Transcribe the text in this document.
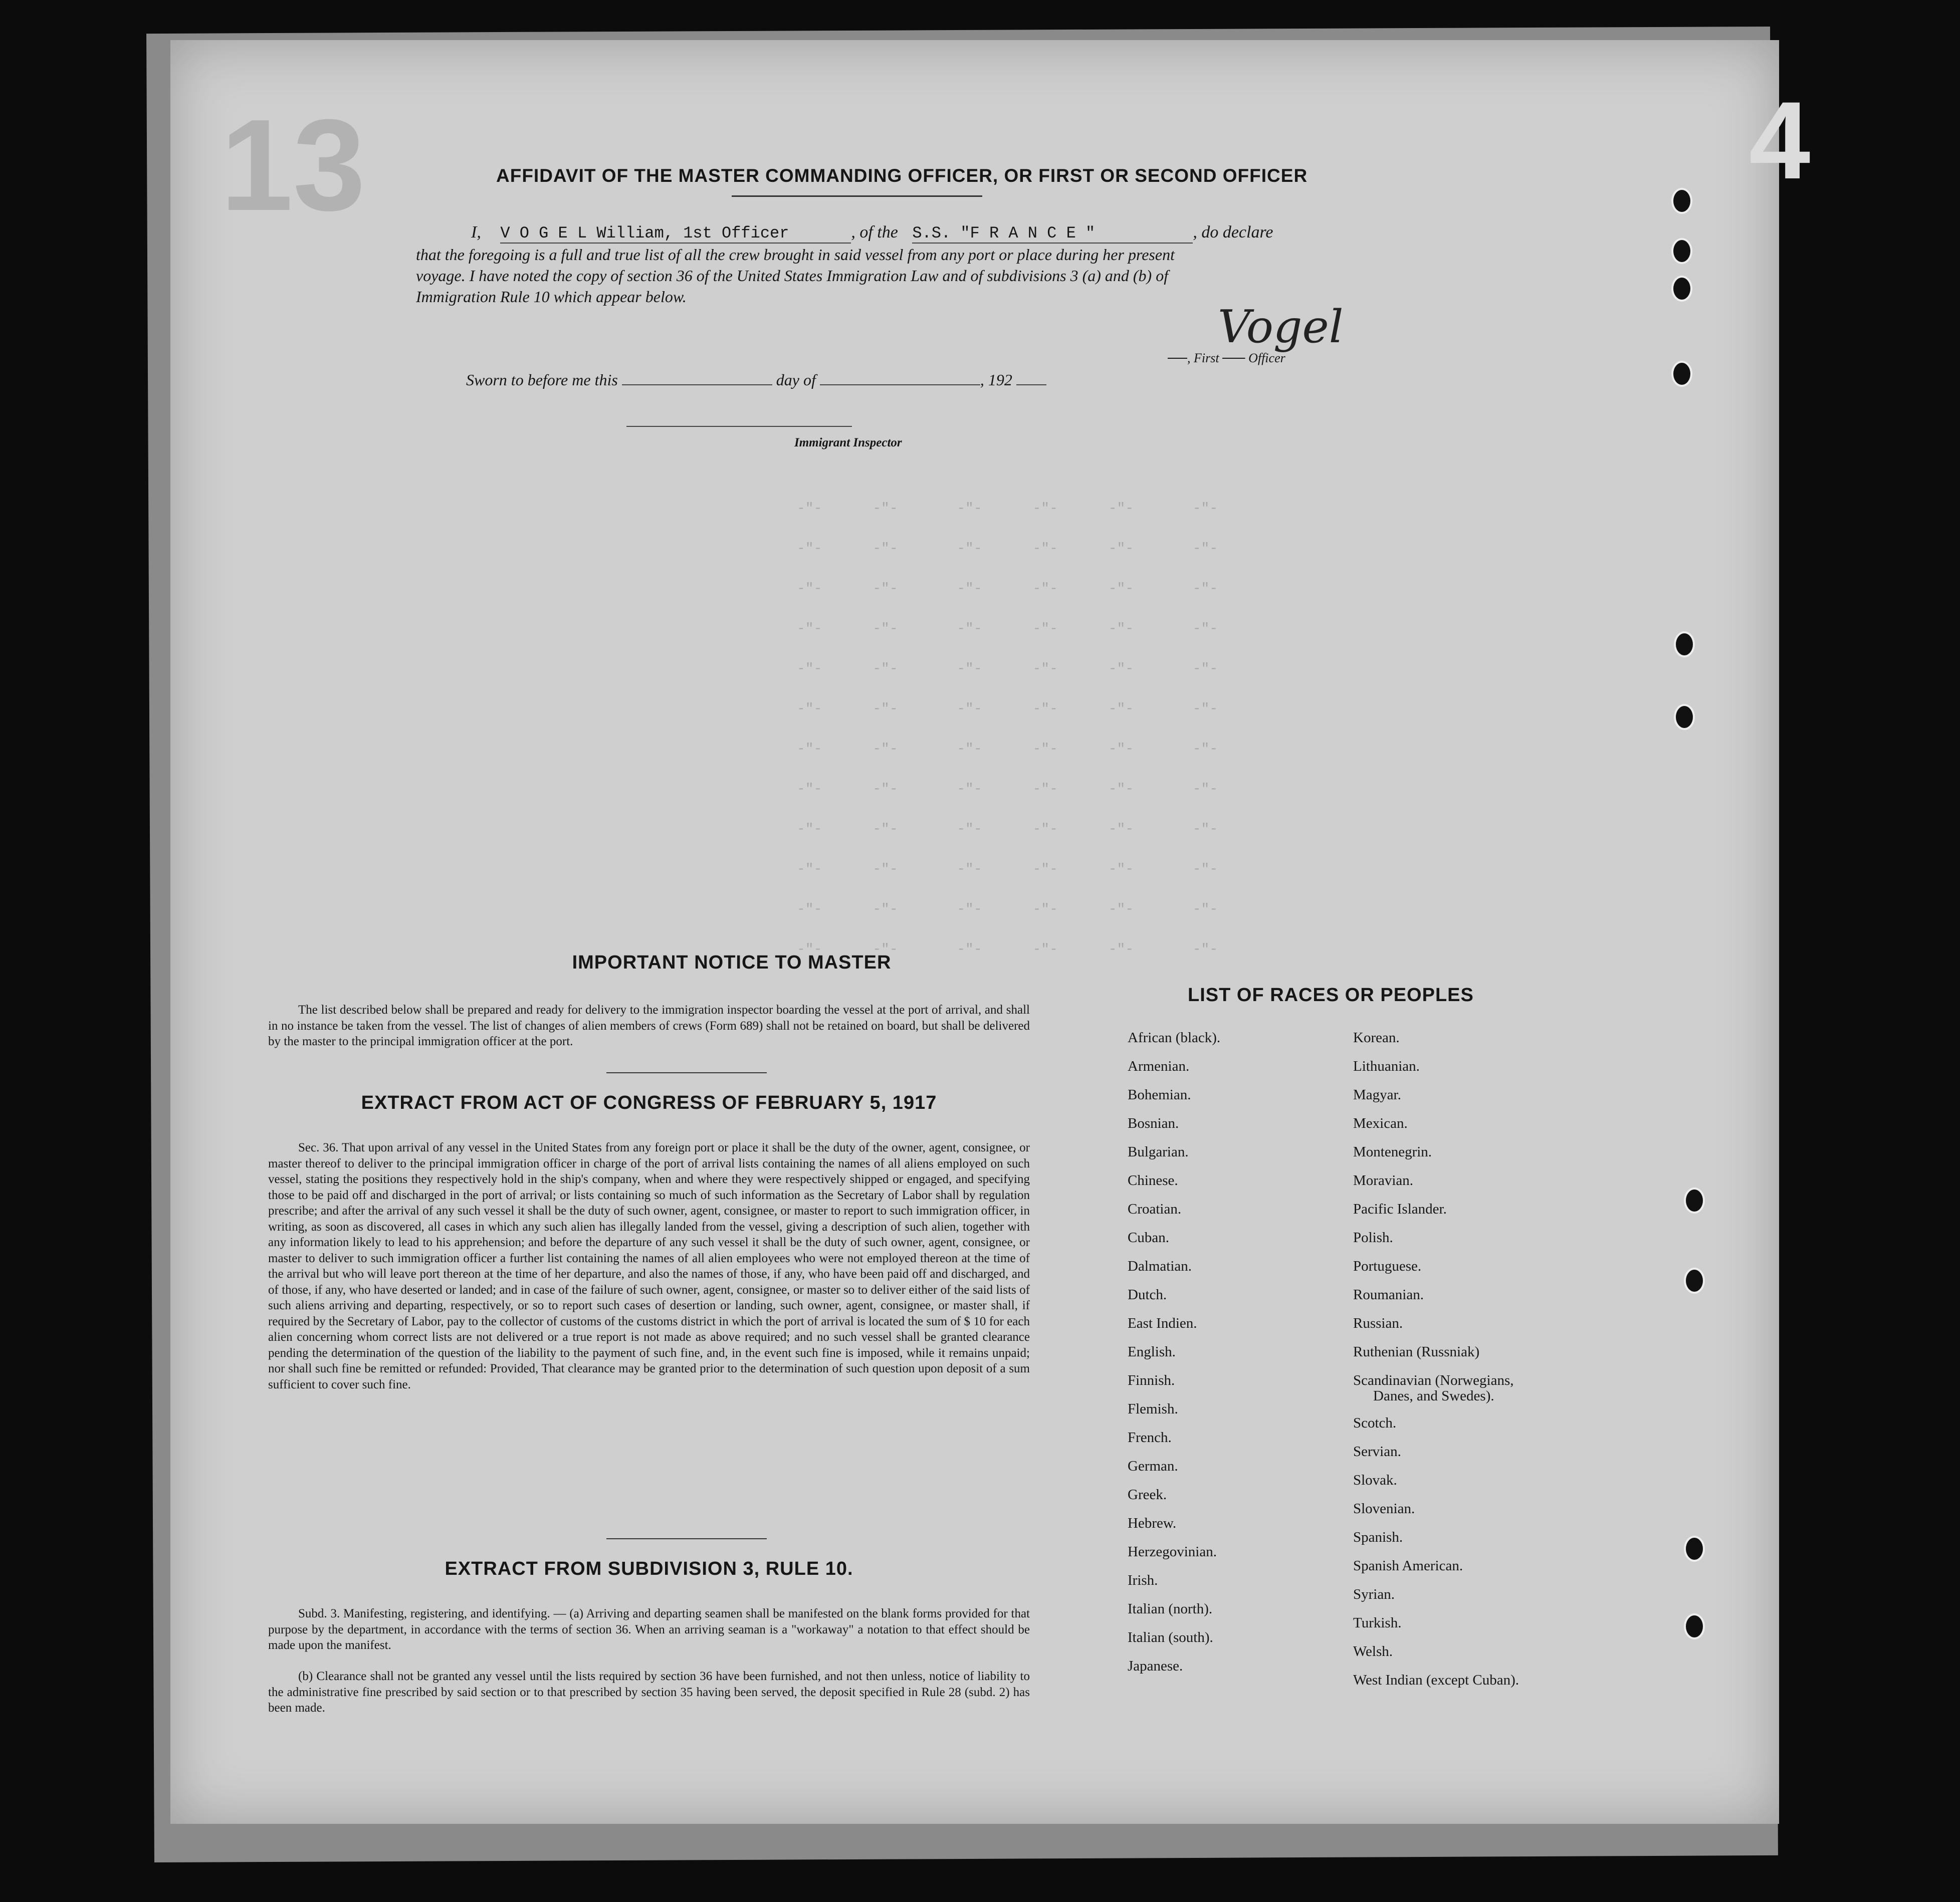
13	AFFIDAVIT OF THE MASTER COMMANDING OFFICER, OR FIRST OR SECOND OFFICER
I, V O G E L William, 1st Officer	, of the S.S. "F R A N C E "	, do declare
that the foregoing is a full and true list of all the crew brought in said vessel from any port or place during her present
voyage. I have noted the copy of section 36 of the United States Immigration Law and of subdivisions 3 (a) and (b) of
Immigration Rule 10 which appear below.
Vogel
, First Officer
Sworn to before me this	day of	, 192
Immigrant Inspector
-"-      -"-       -"-      -"-      -"-       -"-
-"-      -"-       -"-      -"-      -"-       -"-
-"-      -"-       -"-      -"-      -"-       -"-
-"-      -"-       -"-      -"-      -"-       -"-
-"-      -"-       -"-      -"-      -"-       -"-
-"-      -"-       -"-      -"-      -"-       -"-
-"-      -"-       -"-      -"-      -"-       -"-
-"-      -"-       -"-      -"-      -"-       -"-
-"-      -"-       -"-      -"-      -"-       -"-
-"-      -"-       -"-      -"-      -"-       -"-
-"-      -"-       -"-      -"-      -"-       -"-
-"-      -"-       -"-      -"-      -"-       -"-
IMPORTANT NOTICE TO MASTER
The list described below shall be prepared and ready for delivery to the immigration inspector boarding the vessel at the port of arrival, and shall in no instance be taken from the vessel. The list of changes of alien members of crews (Form 689) shall not be retained on board, but shall be delivered by the master to the principal immigration officer at the port.
EXTRACT FROM ACT OF CONGRESS OF FEBRUARY 5, 1917
Sec. 36. That upon arrival of any vessel in the United States from any foreign port or place it shall be the duty of the owner, agent, consignee, or master thereof to deliver to the principal immigration officer in charge of the port of arrival lists containing the names of all aliens employed on such vessel, stating the positions they respectively hold in the ship's company, when and where they were respectively shipped or engaged, and specifying those to be paid off and discharged in the port of arrival; or lists containing so much of such information as the Secretary of Labor shall by regulation prescribe; and after the arrival of any such vessel it shall be the duty of such owner, agent, consignee, or master to report to such immigration officer, in writing, as soon as discovered, all cases in which any such alien has illegally landed from the vessel, giving a description of such alien, together with any information likely to lead to his apprehension; and before the departure of any such vessel it shall be the duty of such owner, agent, consignee, or master to deliver to such immigration officer a further list containing the names of all alien employees who were not employed thereon at the time of the arrival but who will leave port thereon at the time of her departure, and also the names of those, if any, who have been paid off and discharged, and of those, if any, who have deserted or landed; and in case of the failure of such owner, agent, consignee, or master so to deliver either of the said lists of such aliens arriving and departing, respectively, or so to report such cases of desertion or landing, such owner, agent, consignee, or master shall, if required by the Secretary of Labor, pay to the collector of customs of the customs district in which the port of arrival is located the sum of $ 10 for each alien concerning whom correct lists are not delivered or a true report is not made as above required; and no such vessel shall be granted clearance pending the determination of the question of the liability to the payment of such fine, and, in the event such fine is imposed, while it remains unpaid; nor shall such fine be remitted or refunded: Provided, That clearance may be granted prior to the determination of such question upon deposit of a sum sufficient to cover such fine.
EXTRACT FROM SUBDIVISION 3, RULE 10.
Subd. 3. Manifesting, registering, and identifying. — (a) Arriving and departing seamen shall be manifested on the blank forms provided for that purpose by the department, in accordance with the terms of section 36. When an arriving seaman is a "workaway" a notation to that effect should be made upon the manifest.
(b) Clearance shall not be granted any vessel until the lists required by section 36 have been furnished, and not then unless, notice of liability to the administrative fine prescribed by said section or to that prescribed by section 35 having been served, the deposit specified in Rule 28 (subd. 2) has been made.
LIST OF RACES OR PEOPLES
African (black).
Armenian.
Bohemian.
Bosnian.
Bulgarian.
Chinese.
Croatian.
Cuban.
Dalmatian.
Dutch.
East Indien.
English.
Finnish.
Flemish.
French.
German.
Greek.
Hebrew.
Herzegovinian.
Irish.
Italian (north).
Italian (south).
Japanese.
Korean.
Lithuanian.
Magyar.
Mexican.
Montenegrin.
Moravian.
Pacific Islander.
Polish.
Portuguese.
Roumanian.
Russian.
Ruthenian (Russniak)
Scandinavian (Norwegians,
Danes, and Swedes).
Scotch.
Servian.
Slovak.
Slovenian.
Spanish.
Spanish American.
Syrian.
Turkish.
Welsh.
West Indian (except Cuban).
4
